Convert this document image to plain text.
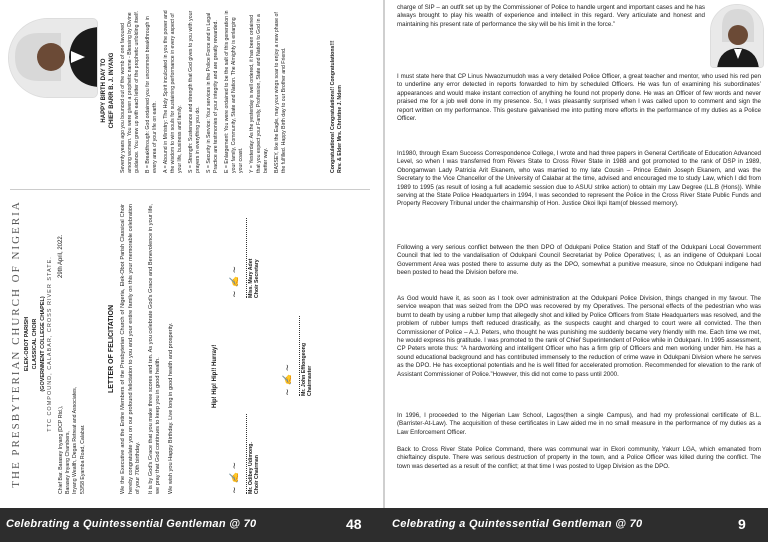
THE PRESBYTERIAN CHURCH OF NIGERIA ELEK-OBOT PARISH CLASSICAL CHOIR (GOVERNMENT COLLEGE CHAPEL) TTC COMPOUND, CALABAR, CROSS RIVER STATE.
Chief Bar. Barasey Inyang (DCP Rtd.), Barasey Inyang Chambers, Inyang Wealth, Degas Retreat and Associates, 53/58 Eyamba Road, Calabar.
29th April, 2022.
LETTER OF FELICITATION We the Executive and the Entire Members of the Presbyterian Church of Nigeria, Elek-Obot Parish Classical Choir hereby congratulate you on our profound felicitation to you and your entire family on this your memorable celebration of your 70th birthday. It is by God's Grace that you make three scores and ten. As you celebrate God's Grace and Benevolence in your life, we pray that God continues to keep you in good health. We wish you Happy Birthday. Live long in good health and prosperity.	Hip! Hip! Hip!! Hurray!
~ ✍ ~	Mr. Odibey Udimong. Choir Chairman
~ ✍ ~	Miss. Mary Adet Choir Secretary
~ ✍ ~	Mr. John Effiongeong Chairmaster
HAPPY BIRTH DAY TO CHIEF BARR B. J. INYANG Seventy years ago you bounced out of the womb of one favoured among women. You were given a prophetic name - Blessing by Divine guidance. You grew up with each letter of the prophetic unfolding itself. B = Breakthrough: God ordained you for uncommon breakthrough in every area of your life on earth. A = Abound in Ministry: The Holy Spirit inculcated in you the power and the wisdom to win souls for sustaining performance in every aspect of your life, business and family. S = Strength: Sustenance and strength that God gives to you with your prayers in everything you do. S = Security in Service: Your services in the Police Force and in Legal Practice are testimonies of your integrity and are greatly rewarded. E = Enlargement: You were ordained to be the salt of this generation in your family, Community, State and Nation. The Almighty is enlarging your coast. Y = Yesterday: As the yesterday is well ordered, it has been ordained that you expect your Family, Profession, State and Nation to God in a better way. BASSEY, like the Eagle, may your wings soar to enjoy a new phase of the fulfilled. Happy Birth day to our Brother and Friend.	Congratulations! Congratulations!! Congratulations!!! Rev. & Elder Mrs. Christine J. Ndem
charge of SIP – an outfit set up by the Commissioner of Police to handle urgent and important cases and he has always brought to play his wealth of experience and intellect in this regard. Very articulate and honest and maintaining his present rate of performance the sky will be his limit in the force.”
I must state here that CP Linus Nwaozumudoh was a very detailed Police Officer, a great teacher and mentor, who used his red pen to underline any error detected in reports forwarded to him by scheduled Officers. He was fun of examining his subordinates’ appearances and would make instant correction of anything he found not properly done. He was an Officer of few words and never praised me for a job well done in my presence. So, I was pleasantly surprised when I was called upon to comment and sign the report written on my performance. This gesture galvanised me into putting more efforts in the performance of my duties as a Police Officer.
In1980, through Exam Success Correspondence College, I wrote and had three papers in General Certificate of Education Advanced Level, so when I was transferred from Rivers State to Cross River State in 1988 and got promoted to the rank of DSP in 1989, Obongamwan Lady Patricia Arit Ekanem, who was married to my late Cousin – Prince Edwin Joseph Ekanem, and was the Secretary to the Vice Chancellor of the University of Calabar at the time, advised and encouraged me to study Law, which I did from 1989 to 1995 (as result of losing a full academic session due to ASUU strike action) to obtain my Law Degree (LL.B (Hons)). While serving at the State Police Headquarters in 1994, I was seconded to represent the Police in the Cross River State Public Funds and Property Recovery Tribunal under the chairmanship of Hon. Justice Okoi Ikpi Itam(of blessed memory).
Following a very serious conflict between the then DPO of Odukpani Police Station and Staff of the Odukpani Local Government Council that led to the vandalisation of Odukpani Council Secretariat by Police Operatives; I, as an indigene of Odukpani Local Government Area was posted there to assume duty as the DPO, somewhat a punitive measure, since no Odukpani indigene had been posted to head the Division before me.
As God would have it, as soon as I took over administration at the Odukpani Police Division, things changed in my favour. The service weapon that was seized from the DPO was recovered by my Operatives. The personal effects of the pedestrian who was burnt to death by using a rubber lump that allegedly shot and killed by Police Officers from State Headquarters was resolved, and the problem of rubber lumps theft reduced drastically, as the suspects caught and charged to court were all convicted. The then Commissioner of Police – A.J. Peters, who thought he was punishing me suddenly became very friendly with me. Each time we met, he would express his gratitude. I was promoted to the rank of Chief Superintendent of Police while in Odukpani. In 1995 assessment, CP Peters wrote thus: “A hardworking and intelligent Officer who has a firm grip of Officers and men working under him. He has a sound educational background and has contributed immensely to the reduction of crime wave in Odukpani Division where he serves as the DPO. He has exceptional potentials and he is well fitted for accelerated promotion. Recommended for elevation to the rank of Assistant Commissioner of Police.”However, this did not come to pass until 2000.
In 1996, I proceeded to the Nigerian Law School, Lagos(then a single Campus), and had my professional certificate of B.L. (Barrister-At-Law). The acquisition of these certificates in Law aided me in no small measure in the performance of my duties as a Law Enforcement Officer.
Back to Cross River State Police Command, there was communal war in Ekori community, Yakurr LGA, which emanated from chieftaincy dispute. There was serious destruction of property in the town, and a Police Officer was killed during the conflict. The town was deserted as a result of the conflict; at that time I was posted to Ugep Division as the DPO.
Celebrating a Quintessential Gentleman @ 70	48	Celebrating a Quintessential Gentleman @ 70	9
